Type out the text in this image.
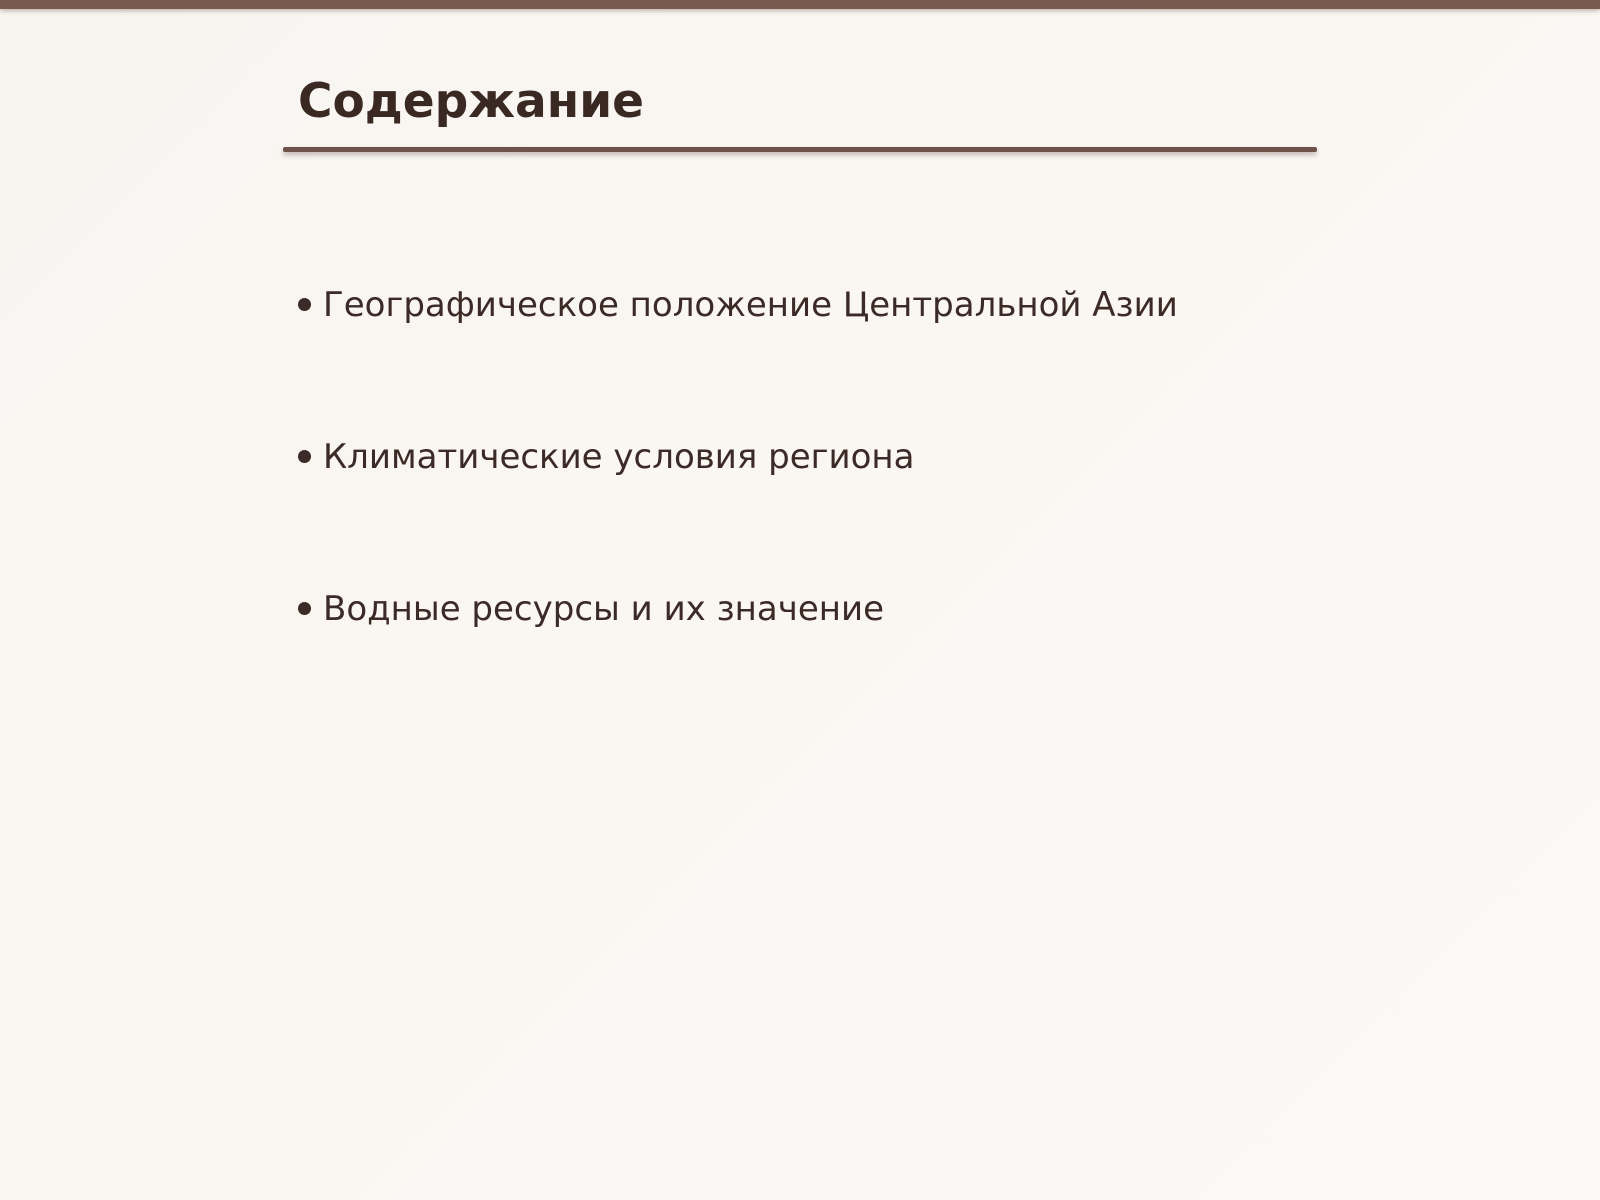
Содержание
Географическое положение Центральной Азии
Климатические условия региона
Водные ресурсы и их значение
